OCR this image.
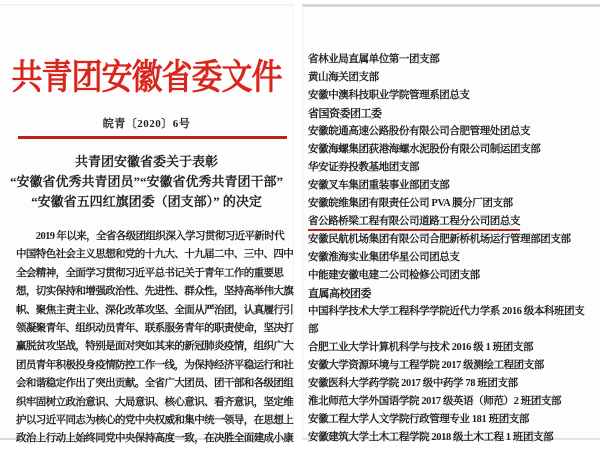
共青团安徽省委文件
皖青〔2020〕6号
共青团安徽省委关于表彰
“安徽省优秀共青团员”“安徽省优秀共青团干部”
“安徽省五四红旗团委（团支部）” 的决定
　　2019 年以来，全省各级团组织深入学习贯彻习近平新时代
中国特色社会主义思想和党的十九大、十九届二中、三中、四中
全会精神，全面学习贯彻习近平总书记关于青年工作的重要思
想，切实保持和增强政治性、先进性、群众性，坚持高举伟大旗
帜、聚焦主责主业、深化改革攻坚、全面从严治团，认真履行引
领凝聚青年、组织动员青年、联系服务青年的职责使命，坚决打
赢脱贫攻坚战，特别是面对突如其来的新冠肺炎疫情，组织广大
团员青年积极投身疫情防控工作一线，为保持经济平稳运行和社
会和谐稳定作出了突出贡献。全省广大团员、团干部和各级团组
织牢固树立政治意识、大局意识、核心意识、看齐意识，坚定维
护以习近平同志为核心的党中央权威和集中统一领导，在思想上
政治上行动上始终同党中央保持高度一致，在决胜全面建成小康
省林业局直属单位第一团支部
黄山海关团支部
安徽中澳科技职业学院管理系团总支
省国资委团工委
安徽皖通高速公路股份有限公司合肥管理处团总支
安徽海螺集团荻港海螺水泥股份有限公司制运团支部
华安证券投教基地团支部
安徽叉车集团重装事业部团支部
安徽皖维集团有限责任公司 PVA 膜分厂团支部
省公路桥梁工程有限公司道路工程分公司团总支
安徽民航机场集团有限公司合肥新桥机场运行管理部团支部
安徽淮海实业集团华星公司团总支
中能建安徽电建二公司检修公司团支部
直属高校团委
中国科学技术大学工程科学学院近代力学系 2016 级本科班团支
部
合肥工业大学计算机科学与技术 2016 级 1 班团支部
安徽大学资源环境与工程学院 2017 级测绘工程团支部
安徽医科大学药学院 2017 级中药学 78 班团支部
淮北师范大学外国语学院 2017 级英语（师范）2 班团支部
安徽工程大学人文学院行政管理专业 181 班团支部
安徽建筑大学土木工程学院 2018 级土木工程 1 班团支部
